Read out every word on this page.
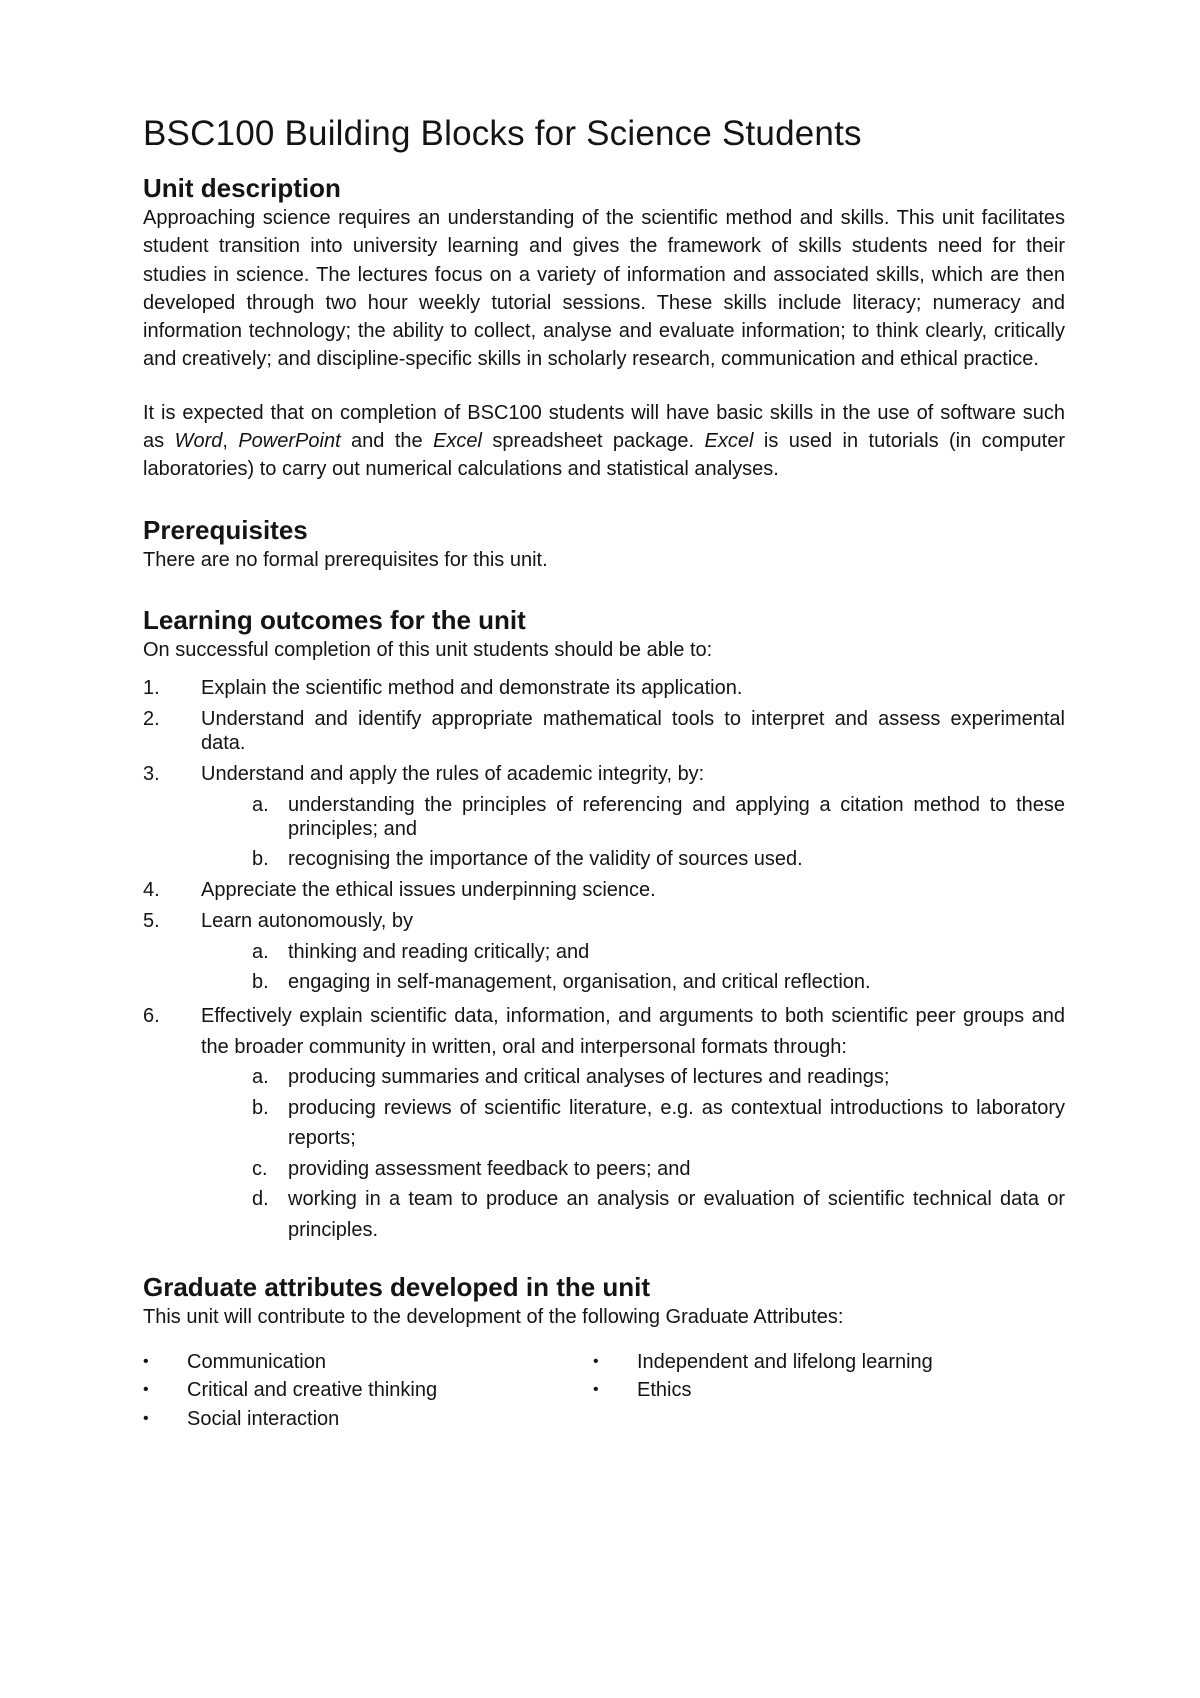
BSC100 Building Blocks for Science Students
Unit description

Approaching science requires an understanding of the scientific method and skills. This unit facilitates student transition into university learning and gives the framework of skills students need for their studies in science. The lectures focus on a variety of information and associated skills, which are then developed through two hour weekly tutorial sessions. These skills include literacy; numeracy and information technology; the ability to collect, analyse and evaluate information; to think clearly, critically and creatively; and discipline-specific skills in scholarly research, communication and ethical practice.

It is expected that on completion of BSC100 students will have basic skills in the use of software such as Word, PowerPoint and the Excel spreadsheet package. Excel is used in tutorials (in computer laboratories) to carry out numerical calculations and statistical analyses.

Prerequisites

There are no formal prerequisites for this unit.

Learning outcomes for the unit

On successful completion of this unit students should be able to:

1. Explain the scientific method and demonstrate its application.
2. Understand and identify appropriate mathematical tools to interpret and assess experimental data.
3. Understand and apply the rules of academic integrity, by:
a. understanding the principles of referencing and applying a citation method to these principles; and
b. recognising the importance of the validity of sources used.
4. Appreciate the ethical issues underpinning science.
5. Learn autonomously, by
a. thinking and reading critically; and
b. engaging in self-management, organisation, and critical reflection.
6. Effectively explain scientific data, information, and arguments to both scientific peer groups and the broader community in written, oral and interpersonal formats through:
a. producing summaries and critical analyses of lectures and readings;
b. producing reviews of scientific literature, e.g. as contextual introductions to laboratory reports;
c. providing assessment feedback to peers; and
d. working in a team to produce an analysis or evaluation of scientific technical data or principles.
Graduate attributes developed in the unit

This unit will contribute to the development of the following Graduate Attributes:

• Communication	• Independent and lifelong learning
• Critical and creative thinking	• Ethics
• Social interaction
